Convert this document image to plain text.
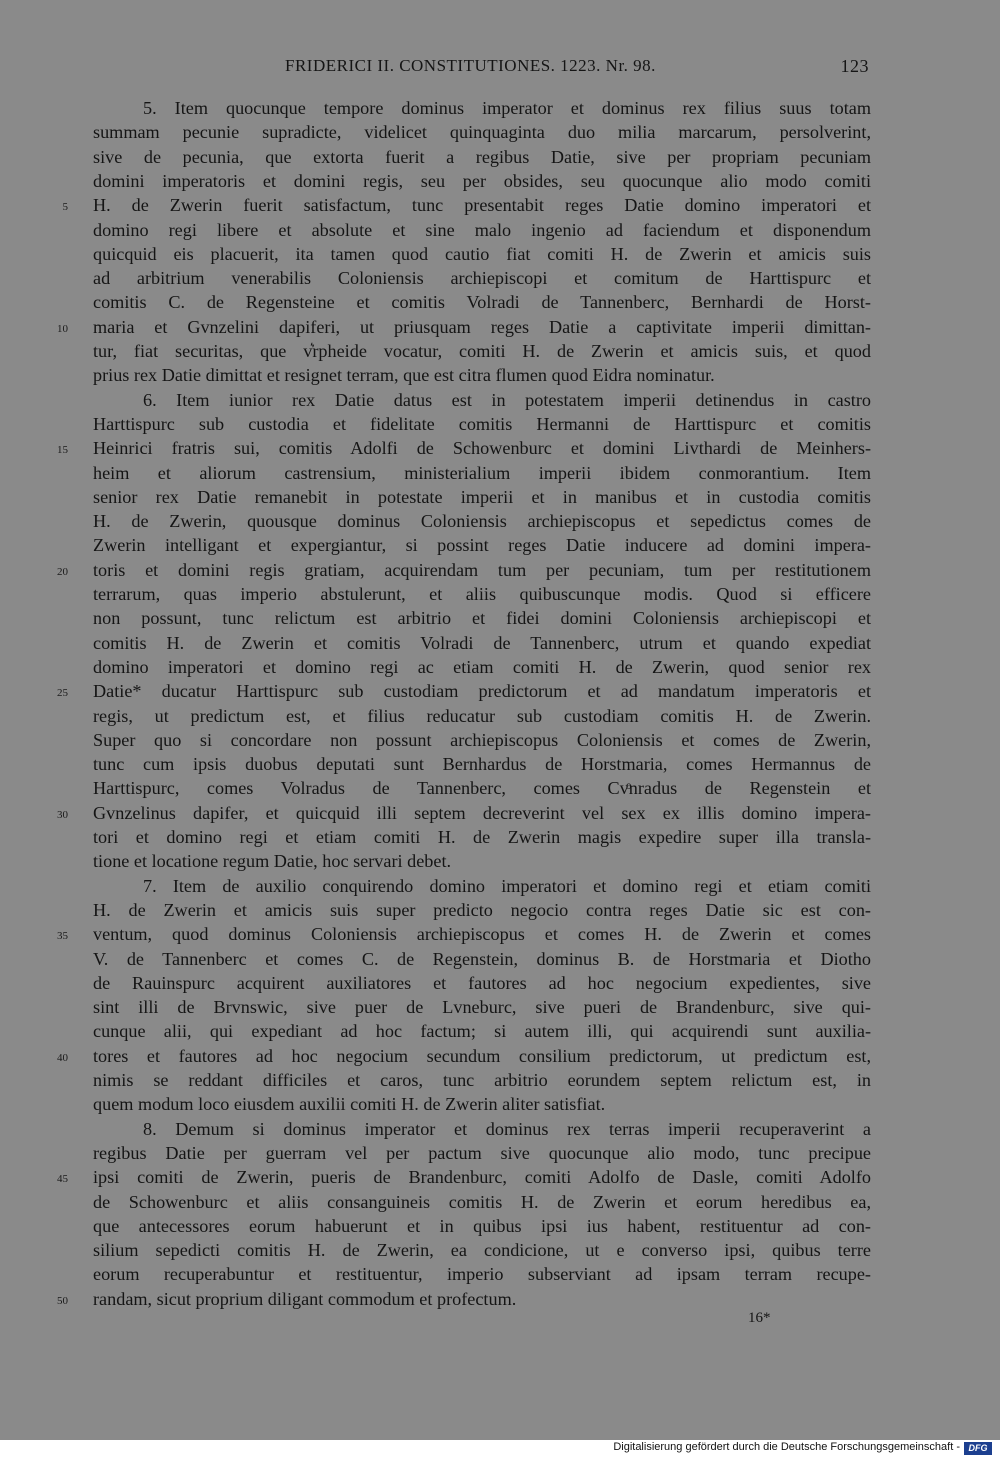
FRIDERICI II. CONSTITUTIONES. 1223. Nr. 98.	123
5. Item quocunque tempore dominus imperator et dominus rex filius suus totam
summam pecunie supradicte, videlicet quinquaginta duo milia marcarum, persolverint,
sive de pecunia, que extorta fuerit a regibus Datie, sive per propriam pecuniam
domini imperatoris et domini regis, seu per obsides, seu quocunque alio modo comiti
H. de Zwerin fuerit satisfactum, tunc presentabit reges Datie domino imperatori et
domino regi libere et absolute et sine malo ingenio ad faciendum et disponendum
quicquid eis placuerit, ita tamen quod cautio fiat comiti H. de Zwerin et amicis suis
ad arbitrium venerabilis Coloniensis archiepiscopi et comitum de Harttispurc et
comitis C. de Regensteine et comitis Volradi de Tannenberc, Bernhardi de Horst-
maria et Gvnzelini dapiferi, ut priusquam reges Datie a captivitate imperii dimittan-
tur, fiat securitas, que v͛rpheide vocatur, comiti H. de Zwerin et amicis suis, et quod
prius rex Datie dimittat et resignet terram, que est citra flumen quod Eidra nominatur.
6. Item iunior rex Datie datus est in potestatem imperii detinendus in castro
Harttispurc sub custodia et fidelitate comitis Hermanni de Harttispurc et comitis
Heinrici fratris sui, comitis Adolfi de Schowenburc et domini Livthardi de Meinhers-
heim et aliorum castrensium, ministerialium imperii ibidem conmorantium. Item
senior rex Datie remanebit in potestate imperii et in manibus et in custodia comitis
H. de Zwerin, quousque dominus Coloniensis archiepiscopus et sepedictus comes de
Zwerin intelligant et expergiantur, si possint reges Datie inducere ad domini impera-
toris et domini regis gratiam, acquirendam tum per pecuniam, tum per restitutionem
terrarum, quas imperio abstulerunt, et aliis quibuscunque modis. Quod si efficere
non possunt, tunc relictum est arbitrio et fidei domini Coloniensis archiepiscopi et
comitis H. de Zwerin et comitis Volradi de Tannenberc, utrum et quando expediat
domino imperatori et domino regi ac etiam comiti H. de Zwerin, quod senior rex
Datie* ducatur Harttispurc sub custodiam predictorum et ad mandatum imperatoris et
regis, ut predictum est, et filius reducatur sub custodiam comitis H. de Zwerin.
Super quo si concordare non possunt archiepiscopus Coloniensis et comes de Zwerin,
tunc cum ipsis duobus deputati sunt Bernhardus de Horstmaria, comes Hermannus de
Harttispurc, comes Volradus de Tannenberc, comes Cvͦnradus de Regenstein et
Gvnzelinus dapifer, et quicquid illi septem decreverint vel sex ex illis domino impera-
tori et domino regi et etiam comiti H. de Zwerin magis expedire super illa transla-
tione et locatione regum Datie, hoc servari debet.
7. Item de auxilio conquirendo domino imperatori et domino regi et etiam comiti
H. de Zwerin et amicis suis super predicto negocio contra reges Datie sic est con-
ventum, quod dominus Coloniensis archiepiscopus et comes H. de Zwerin et comes
V. de Tannenberc et comes C. de Regenstein, dominus B. de Horstmaria et Diotho
de Rauinspurc acquirent auxiliatores et fautores ad hoc negocium expedientes, sive
sint illi de Brvnswic, sive puer de Lvneburc, sive pueri de Brandenburc, sive qui-
cunque alii, qui expediant ad hoc factum; si autem illi, qui acquirendi sunt auxilia-
tores et fautores ad hoc negocium secundum consilium predictorum, ut predictum est,
nimis se reddant difficiles et caros, tunc arbitrio eorundem septem relictum est, in
quem modum loco eiusdem auxilii comiti H. de Zwerin aliter satisfiat.
8. Demum si dominus imperator et dominus rex terras imperii recuperaverint a
regibus Datie per guerram vel per pactum sive quocunque alio modo, tunc precipue
ipsi comiti de Zwerin, pueris de Brandenburc, comiti Adolfo de Dasle, comiti Adolfo
de Schowenburc et aliis consanguineis comitis H. de Zwerin et eorum heredibus ea,
que antecessores eorum habuerunt et in quibus ipsi ius habent, restituentur ad con-
silium sepedicti comitis H. de Zwerin, ea condicione, ut e converso ipsi, quibus terre
eorum recuperabuntur et restituentur, imperio subserviant ad ipsam terram recupe-
randam, sicut proprium diligant commodum et profectum.
5
10
15
20
25
30
35
40
45
50
16*
Digitalisierung gefördert durch die Deutsche Forschungsgemeinschaft - DFG
